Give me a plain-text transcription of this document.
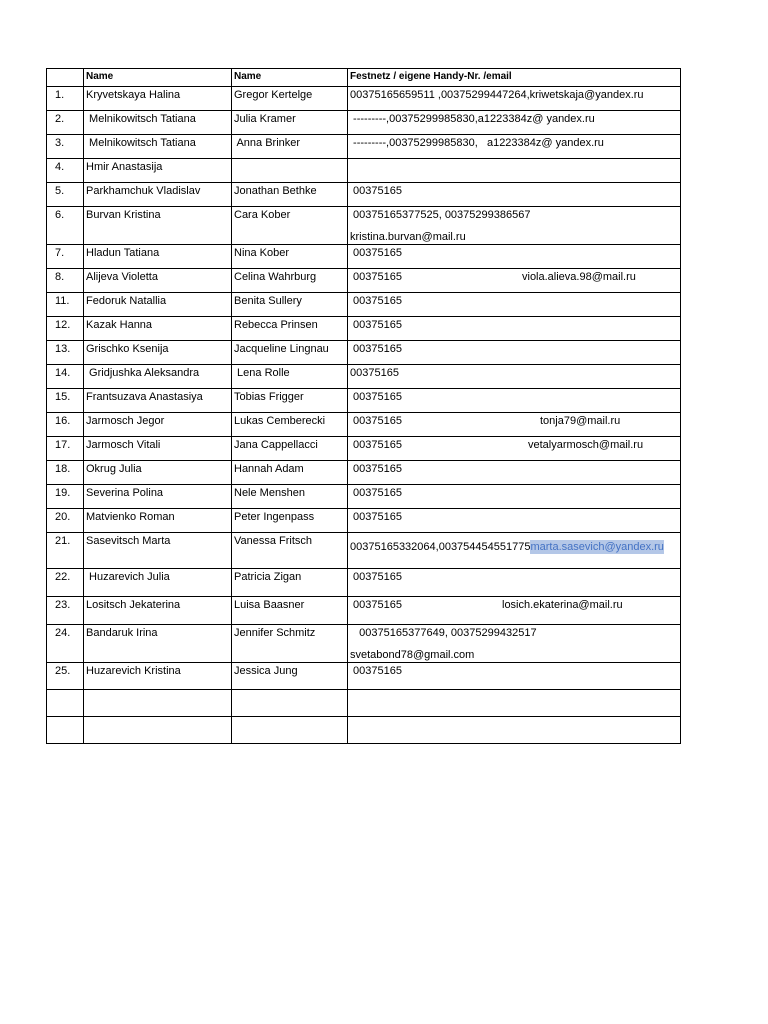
	Name	Name	Festnetz / eigene Handy-Nr. /email
1.	Kryvetskaya Halina	Gregor Kertelge	00375165659511 ,00375299447264,kriwetskaja@yandex.ru
2.	Melnikowitsch Tatiana	Julia Kramer	---------,00375299985830,a1223384z@ yandex.ru
3.	Melnikowitsch Tatiana	Anna Brinker	---------,00375299985830,   a1223384z@ yandex.ru
4.	Hmir Anastasija		
5.	Parkhamchuk Vladislav	Jonathan Bethke	00375165
6.	Burvan Kristina	Cara Kober	00375165377525, 00375299386567
kristina.burvan@mail.ru

7.	Hladun Tatiana	Nina Kober	00375165
8.	Alijeva Violetta	Celina Wahrburg	00375165 viola.alieva.98@mail.ru
11.	Fedoruk Natallia	Benita Sullery	00375165
12.	Kazak Hanna	Rebecca Prinsen	00375165
13.	Grischko Ksenija	Jacqueline Lingnau	00375165
14.	Gridjushka Aleksandra	Lena Rolle	00375165
15.	Frantsuzava Anastasiya	Tobias Frigger	00375165
16.	Jarmosch Jegor	Lukas Cemberecki	00375165 tonja79@mail.ru
17.	Jarmosch Vitali	Jana Cappellacci	00375165 vetalyarmosch@mail.ru
18.	Okrug Julia	Hannah Adam	00375165
19.	Severina Polina	Nele Menshen	00375165
20.	Matvienko Roman	Peter Ingenpass	00375165
21.	Sasevitsch Marta	Vanessa Fritsch	00375165332064,003754454551775marta.sasevich@yandex.ru
22.	Huzarevich Julia	Patricia Zigan	00375165
23.	Lositsch Jekaterina	Luisa Baasner	00375165 losich.ekaterina@mail.ru
24.	Bandaruk Irina	Jennifer Schmitz	00375165377649, 00375299432517
svetabond78@gmail.com

25.	Huzarevich Kristina	Jessica Jung	00375165
